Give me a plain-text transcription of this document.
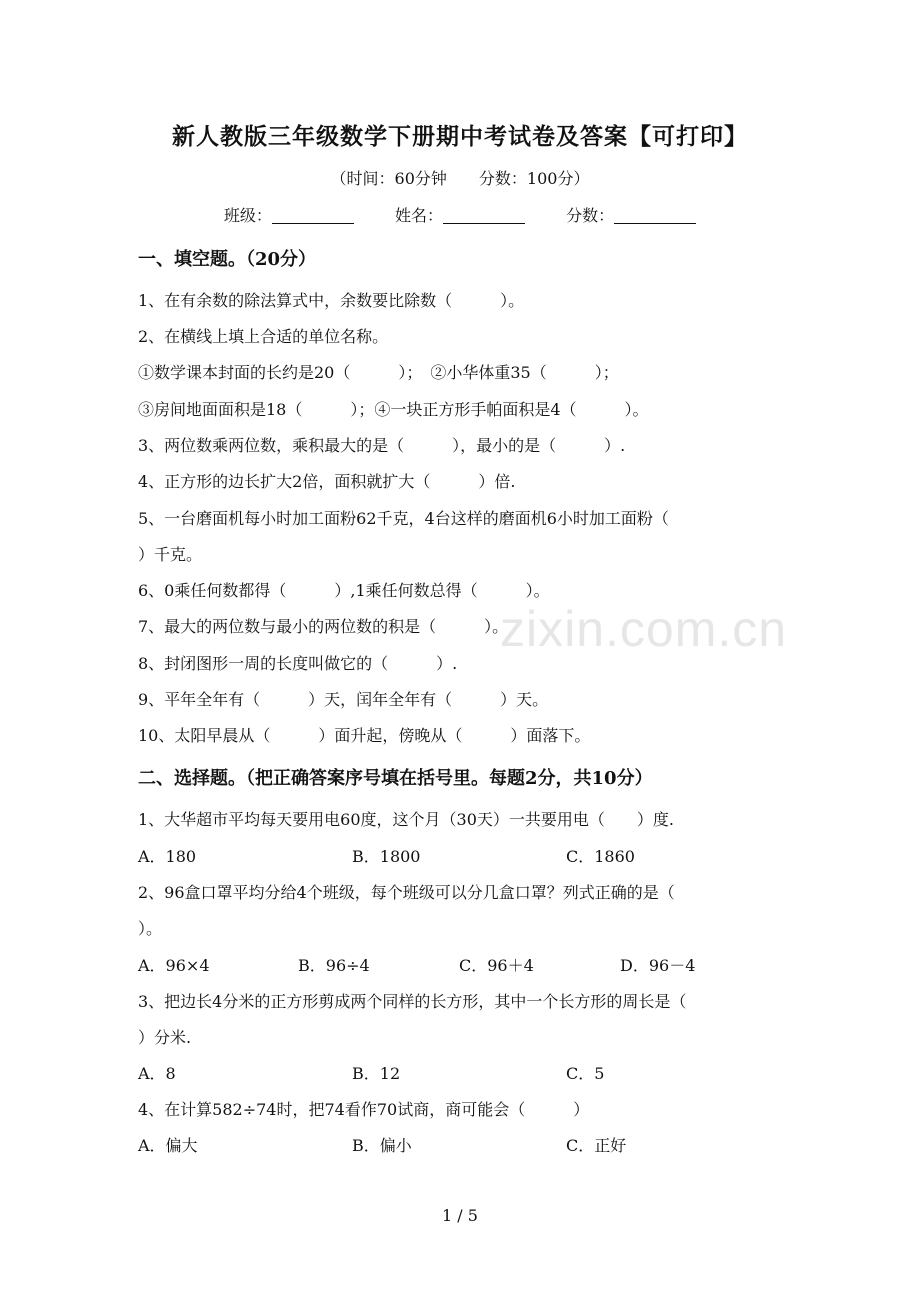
zixin.com.cn
新人教版三年级数学下册期中考试卷及答案【可打印】
（时间：60分钟　　分数：100分）
班级：	姓名：	分数：
一、填空题。（20分）
1、在有余数的除法算式中，余数要比除数（　　　）。
2、在横线上填上合适的单位名称。
①数学课本封面的长约是20（　　　）；　②小华体重35（　　　）；
③房间地面面积是18（　　　）；④一块正方形手帕面积是4（　　　）。
3、两位数乘两位数，乘积最大的是（　　　），最小的是（　　　）.
4、正方形的边长扩大2倍，面积就扩大（　　　）倍.
5、一台磨面机每小时加工面粉62千克，4台这样的磨面机6小时加工面粉（
）千克。
6、0乘任何数都得（　　　）,1乘任何数总得（　　　）。
7、最大的两位数与最小的两位数的积是（　　　）。
8、封闭图形一周的长度叫做它的（　　　）.
9、平年全年有（　　　）天，闰年全年有（　　　）天。
10、太阳早晨从（　　　）面升起，傍晚从（　　　）面落下。
二、选择题。（把正确答案序号填在括号里。每题2分，共10分）
1、大华超市平均每天要用电60度，这个月（30天）一共要用电（　　）度.
A．180	B．1800	C．1860
2、96盒口罩平均分给4个班级，每个班级可以分几盒口罩？列式正确的是（
）。
A．96×4	B．96÷4	C．96＋4	D．96－4
3、把边长4分米的正方形剪成两个同样的长方形，其中一个长方形的周长是（
）分米.
A．8	B．12	C．5
4、在计算582÷74时，把74看作70试商，商可能会（　　　）
A．偏大	B．偏小	C．正好
1 / 5
